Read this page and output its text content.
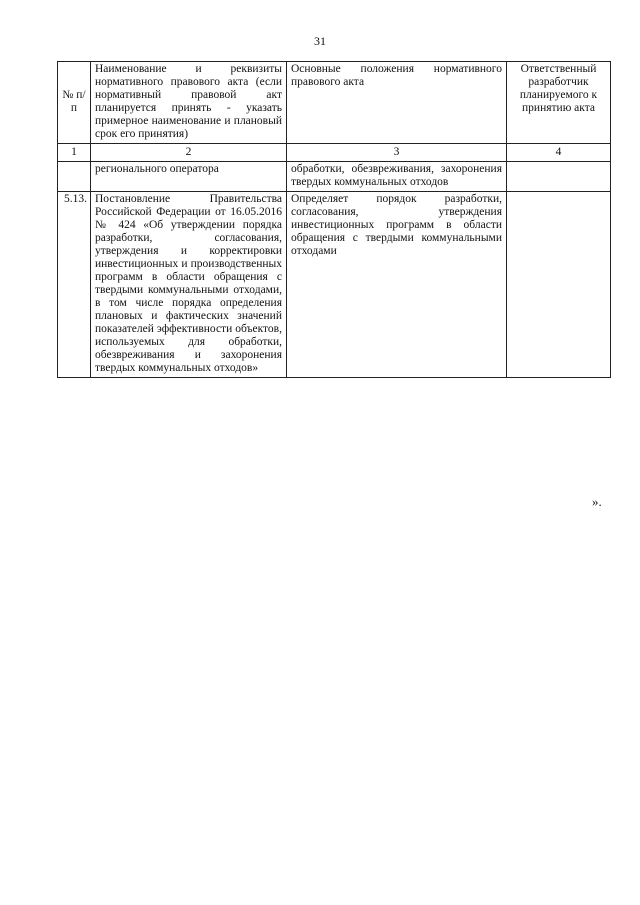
31
№ п/п	Наименование и реквизиты нормативного правового акта (если нормативный правовой акт планируется принять - указать примерное наименование и плановый срок его принятия)	Основные положения нормативного правового акта	Ответственный разработчик планируемого к принятию акта
1	2	3	4
	регионального оператора	обработки, обезвреживания, захоронения твердых коммунальных отходов	
5.13.	Постановление Правительства Российской Федерации от 16.05.2016 № 424 «Об утверждении порядка разработки, согласования, утверждения и корректировки инвестиционных и производственных программ в области обращения с твердыми коммунальными отходами, в том числе порядка определения плановых и фактических значений показателей эффективности объектов, используемых для обработки, обезвреживания и захоронения твердых коммунальных отходов»	Определяет порядок разработки, согласования, утверждения инвестиционных программ в области обращения с твердыми коммунальными отходами	
».
